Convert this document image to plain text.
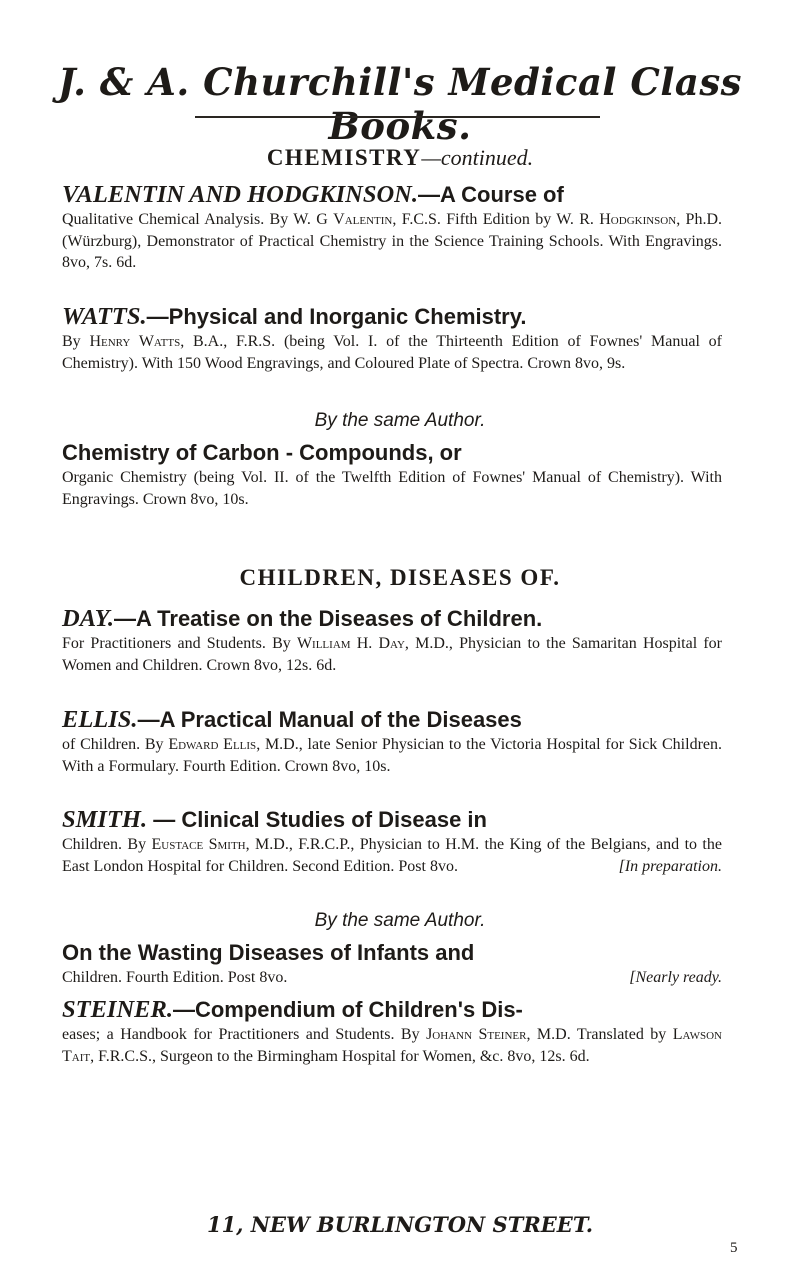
J. & A. Churchill's Medical Class Books.
CHEMISTRY—continued.
VALENTIN AND HODGKINSON.—A Course of
Qualitative Chemical Analysis. By W. G Valentin, F.C.S. Fifth Edition by W. R. Hodgkinson, Ph.D. (Würzburg), Demonstrator of Practical Chemistry in the Science Training Schools. With Engravings. 8vo, 7s. 6d.
WATTS.—Physical and Inorganic Chemistry.
By Henry Watts, B.A., F.R.S. (being Vol. I. of the Thirteenth Edition of Fownes' Manual of Chemistry). With 150 Wood Engravings, and Coloured Plate of Spectra. Crown 8vo, 9s.
By the same Author.
Chemistry of Carbon - Compounds, or
Organic Chemistry (being Vol. II. of the Twelfth Edition of Fownes' Manual of Chemistry). With Engravings. Crown 8vo, 10s.
CHILDREN, DISEASES OF.
DAY.—A Treatise on the Diseases of Children.
For Practitioners and Students. By William H. Day, M.D., Physician to the Samaritan Hospital for Women and Children. Crown 8vo, 12s. 6d.
ELLIS.—A Practical Manual of the Diseases
of Children. By Edward Ellis, M.D., late Senior Physician to the Victoria Hospital for Sick Children. With a Formulary. Fourth Edition. Crown 8vo, 10s.
SMITH. — Clinical Studies of Disease in
Children. By Eustace Smith, M.D., F.R.C.P., Physician to H.M. the King of the Belgians, and to the East London Hospital for Children. Second Edition. Post 8vo.	[In preparation.
By the same Author.
On the Wasting Diseases of Infants and
Children. Fourth Edition. Post 8vo.	[Nearly ready.
STEINER.—Compendium of Children's Dis-
eases; a Handbook for Practitioners and Students. By Johann Steiner, M.D. Translated by Lawson Tait, F.R.C.S., Surgeon to the Birmingham Hospital for Women, &c. 8vo, 12s. 6d.
11, NEW BURLINGTON STREET.
5
